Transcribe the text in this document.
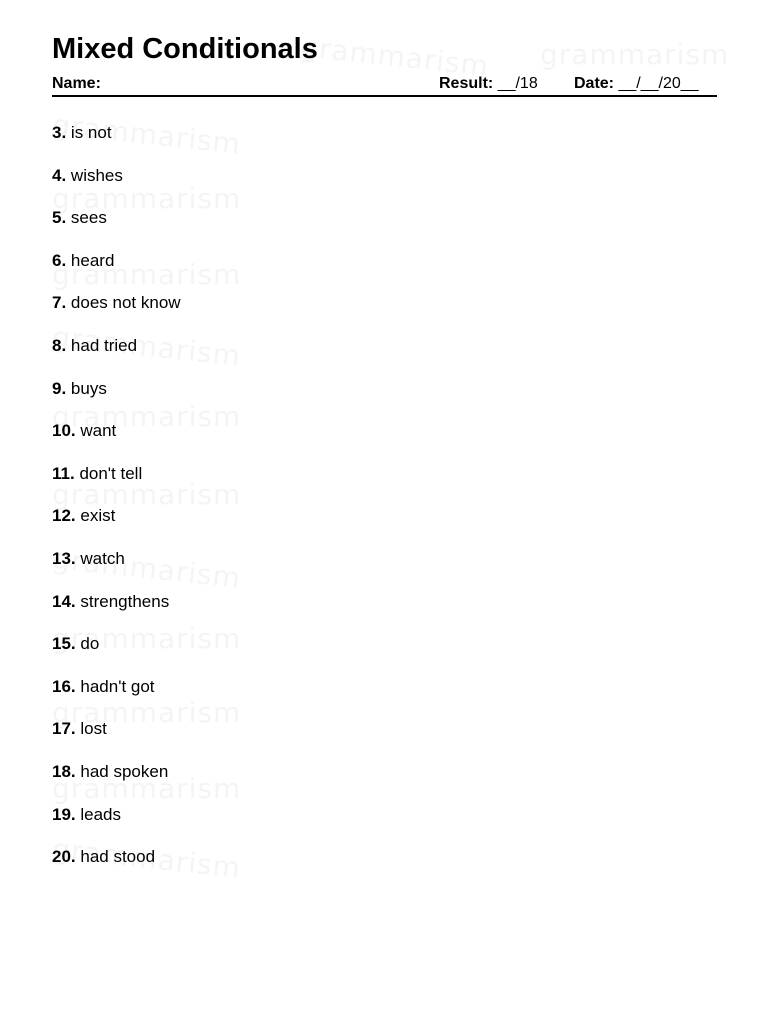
Mixed Conditionals
Name:	Result: __/18 Date: __/__/20__
3. is not
4. wishes
5. sees
6. heard
7. does not know
8. had tried
9. buys
10. want
11. don't tell
12. exist
13. watch
14. strengthens
15. do
16. hadn't got
17. lost
18. had spoken
19. leads
20. had stood
